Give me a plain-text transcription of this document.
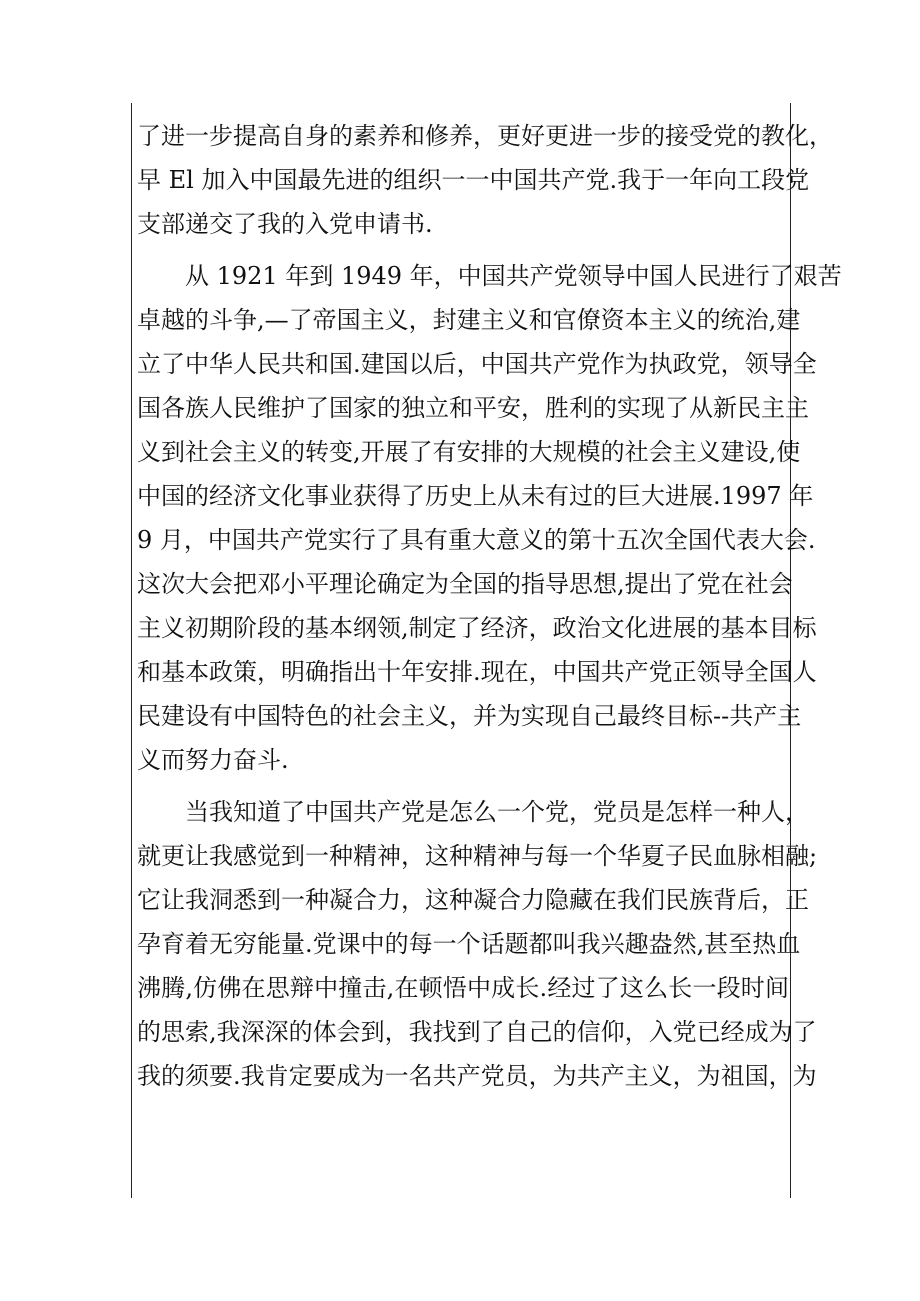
了进一步提高自身的素养和修养，更好更进一步的接受党的教化，
早 El 加入中国最先进的组织一一中国共产党.我于一年向工段党
支部递交了我的入党申请书.
　　从 1921 年到 1949 年，中国共产党领导中国人民进行了艰苦
卓越的斗争,—了帝国主义，封建主义和官僚资本主义的统治,建
立了中华人民共和国.建国以后，中国共产党作为执政党，领导全
国各族人民维护了国家的独立和平安，胜利的实现了从新民主主
义到社会主义的转变,开展了有安排的大规模的社会主义建设,使
中国的经济文化事业获得了历史上从未有过的巨大进展.1997 年
9 月，中国共产党实行了具有重大意义的第十五次全国代表大会.
这次大会把邓小平理论确定为全国的指导思想,提出了党在社会
主义初期阶段的基本纲领,制定了经济，政治文化进展的基本目标
和基本政策，明确指出十年安排.现在，中国共产党正领导全国人
民建设有中国特色的社会主义，并为实现自己最终目标--共产主
义而努力奋斗.
　　当我知道了中国共产党是怎么一个党，党员是怎样一种人，
就更让我感觉到一种精神，这种精神与每一个华夏子民血脉相融;
它让我洞悉到一种凝合力，这种凝合力隐藏在我们民族背后，正
孕育着无穷能量.党课中的每一个话题都叫我兴趣盎然,甚至热血
沸腾,仿佛在思辩中撞击,在顿悟中成长.经过了这么长一段时间
的思索,我深深的体会到，我找到了自己的信仰，入党已经成为了
我的须要.我肯定要成为一名共产党员，为共产主义，为祖国，为
